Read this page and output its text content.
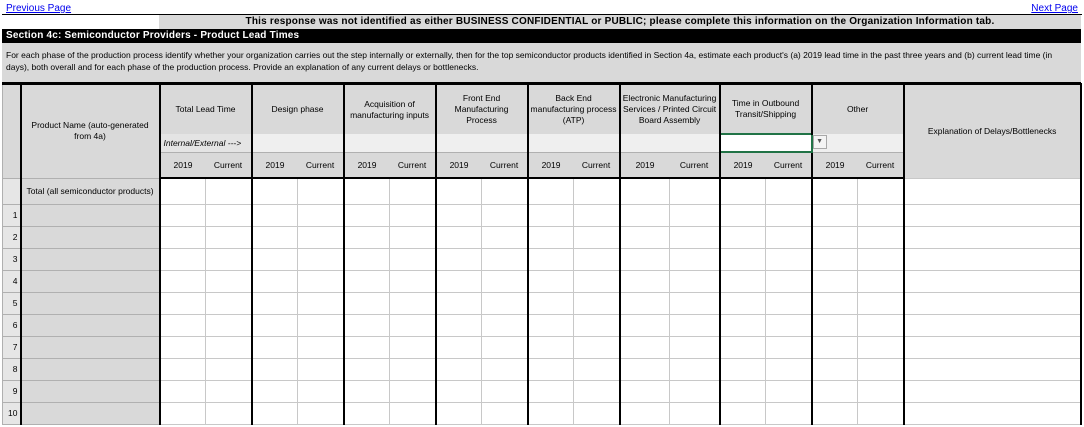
Previous Page	Next Page
This response was not identified as either BUSINESS CONFIDENTIAL or PUBLIC; please complete this information on the Organization Information tab.
Section 4c: Semiconductor Providers - Product Lead Times
For each phase of the production process identify whether your organization carries out the step internally or externally, then for the top semiconductor products identified in Section 4a, estimate each product's (a) 2019 lead time in the past three years and (b) current lead time (in days), both overall and for each phase of the production process. Provide an explanation of any current delays or bottlenecks.
	Product Name (auto-generated from 4a)	Total Lead Time		Design phase		Acquisition of manufacturing inputs		Front End Manufacturing Process		Back End manufacturing process (ATP)		Electronic Manufacturing Services / Printed Circuit Board Assembly		Time in Outbound Transit/Shipping		Other		Explanation of Delays/Bottlenecks
		Internal/External --->												▼				

		2019	Current	2019	Current	2019	Current	2019	Current	2019	Current	2019	Current	2019	Current	2019	Current	
	Total (all semiconductor products)																	
1																		
2																		
3																		
4																		
5																		
6																		
7																		
8																		
9																		
10																		
